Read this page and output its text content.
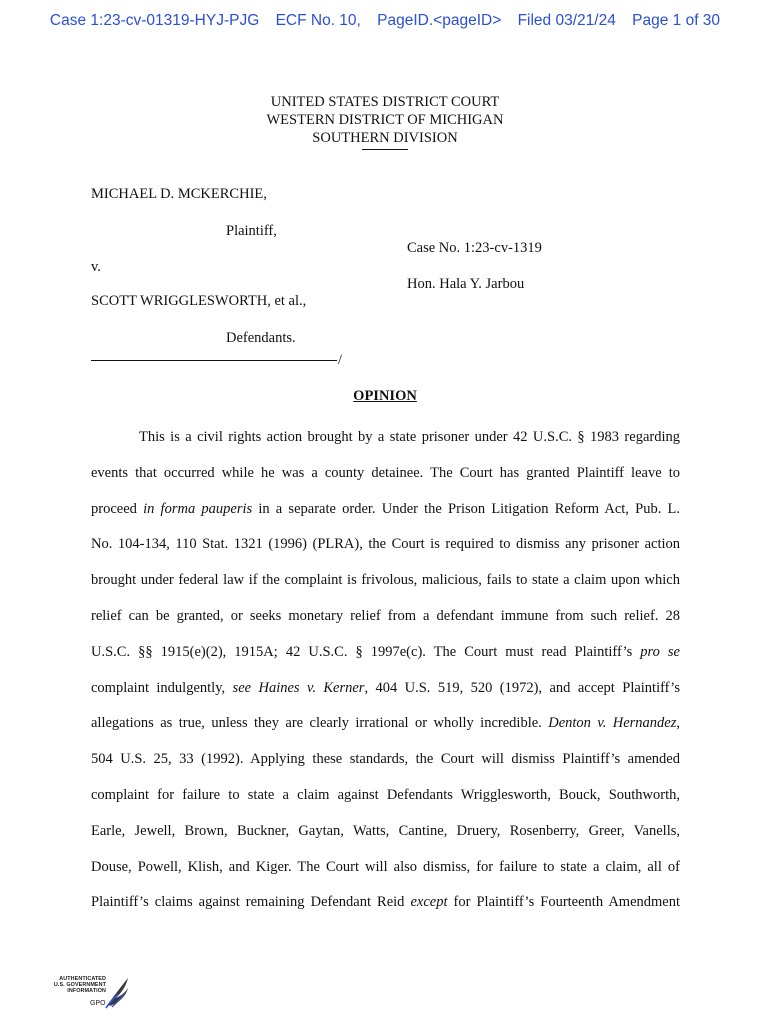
Case 1:23-cv-01319-HYJ-PJG ECF No. 10, PageID.<pageID> Filed 03/21/24 Page 1 of 30
UNITED STATES DISTRICT COURT
WESTERN DISTRICT OF MICHIGAN
SOUTHERN DIVISION
MICHAEL D. MCKERCHIE,
Plaintiff,
Case No. 1:23-cv-1319
v.
Hon. Hala Y. Jarbou
SCOTT WRIGGLESWORTH, et al.,
Defendants.
/
OPINION
This is a civil rights action brought by a state prisoner under 42 U.S.C. § 1983 regarding
events that occurred while he was a county detainee. The Court has granted Plaintiff leave to
proceed in forma pauperis in a separate order. Under the Prison Litigation Reform Act, Pub. L.
No. 104-134, 110 Stat. 1321 (1996) (PLRA), the Court is required to dismiss any prisoner action
brought under federal law if the complaint is frivolous, malicious, fails to state a claim upon which
relief can be granted, or seeks monetary relief from a defendant immune from such relief. 28
U.S.C. §§ 1915(e)(2), 1915A; 42 U.S.C. § 1997e(c). The Court must read Plaintiff’s pro se
complaint indulgently, see Haines v. Kerner, 404 U.S. 519, 520 (1972), and accept Plaintiff’s
allegations as true, unless they are clearly irrational or wholly incredible. Denton v. Hernandez,
504 U.S. 25, 33 (1992). Applying these standards, the Court will dismiss Plaintiff’s amended
complaint for failure to state a claim against Defendants Wrigglesworth, Bouck, Southworth,
Earle, Jewell, Brown, Buckner, Gaytan, Watts, Cantine, Druery, Rosenberry, Greer, Vanells,
Douse, Powell, Klish, and Kiger. The Court will also dismiss, for failure to state a claim, all of
Plaintiff’s claims against remaining Defendant Reid except for Plaintiff’s Fourteenth Amendment
AUTHENTICATED
U.S. GOVERNMENT
INFORMATION
GPO
